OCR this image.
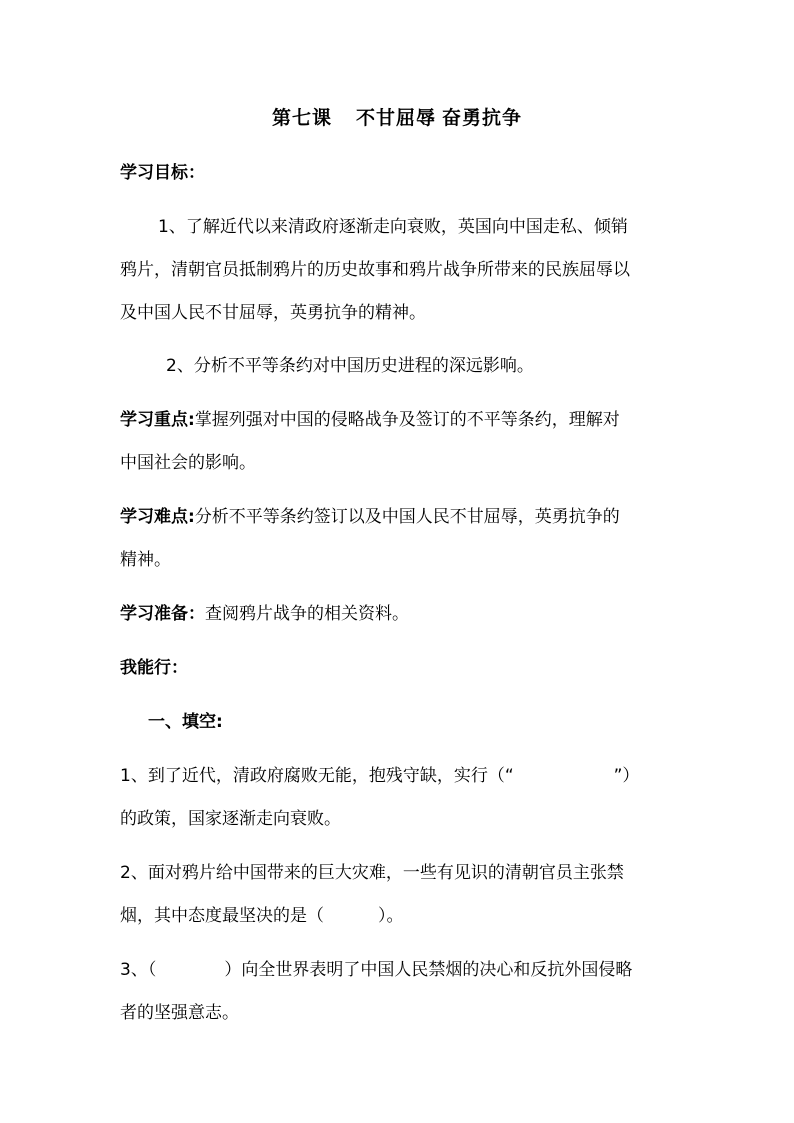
第七课 不甘屈辱 奋勇抗争
学习目标：
1、了解近代以来清政府逐渐走向衰败，英国向中国走私、倾销
鸦片，清朝官员抵制鸦片的历史故事和鸦片战争所带来的民族屈辱以
及中国人民不甘屈辱，英勇抗争的精神。
2、分析不平等条约对中国历史进程的深远影响。
学习重点:掌握列强对中国的侵略战争及签订的不平等条约，理解对
中国社会的影响。
学习难点:分析不平等条约签订以及中国人民不甘屈辱，英勇抗争的
精神。
学习准备：查阅鸦片战争的相关资料。
我能行：
一、填空:
1、到了近代，清政府腐败无能，抱残守缺，实行（“	”）
的政策，国家逐渐走向衰败。
2、面对鸦片给中国带来的巨大灾难，一些有见识的清朝官员主张禁
烟，其中态度最坚决的是（	）。
3、（	）向全世界表明了中国人民禁烟的决心和反抗外国侵略
者的坚强意志。
